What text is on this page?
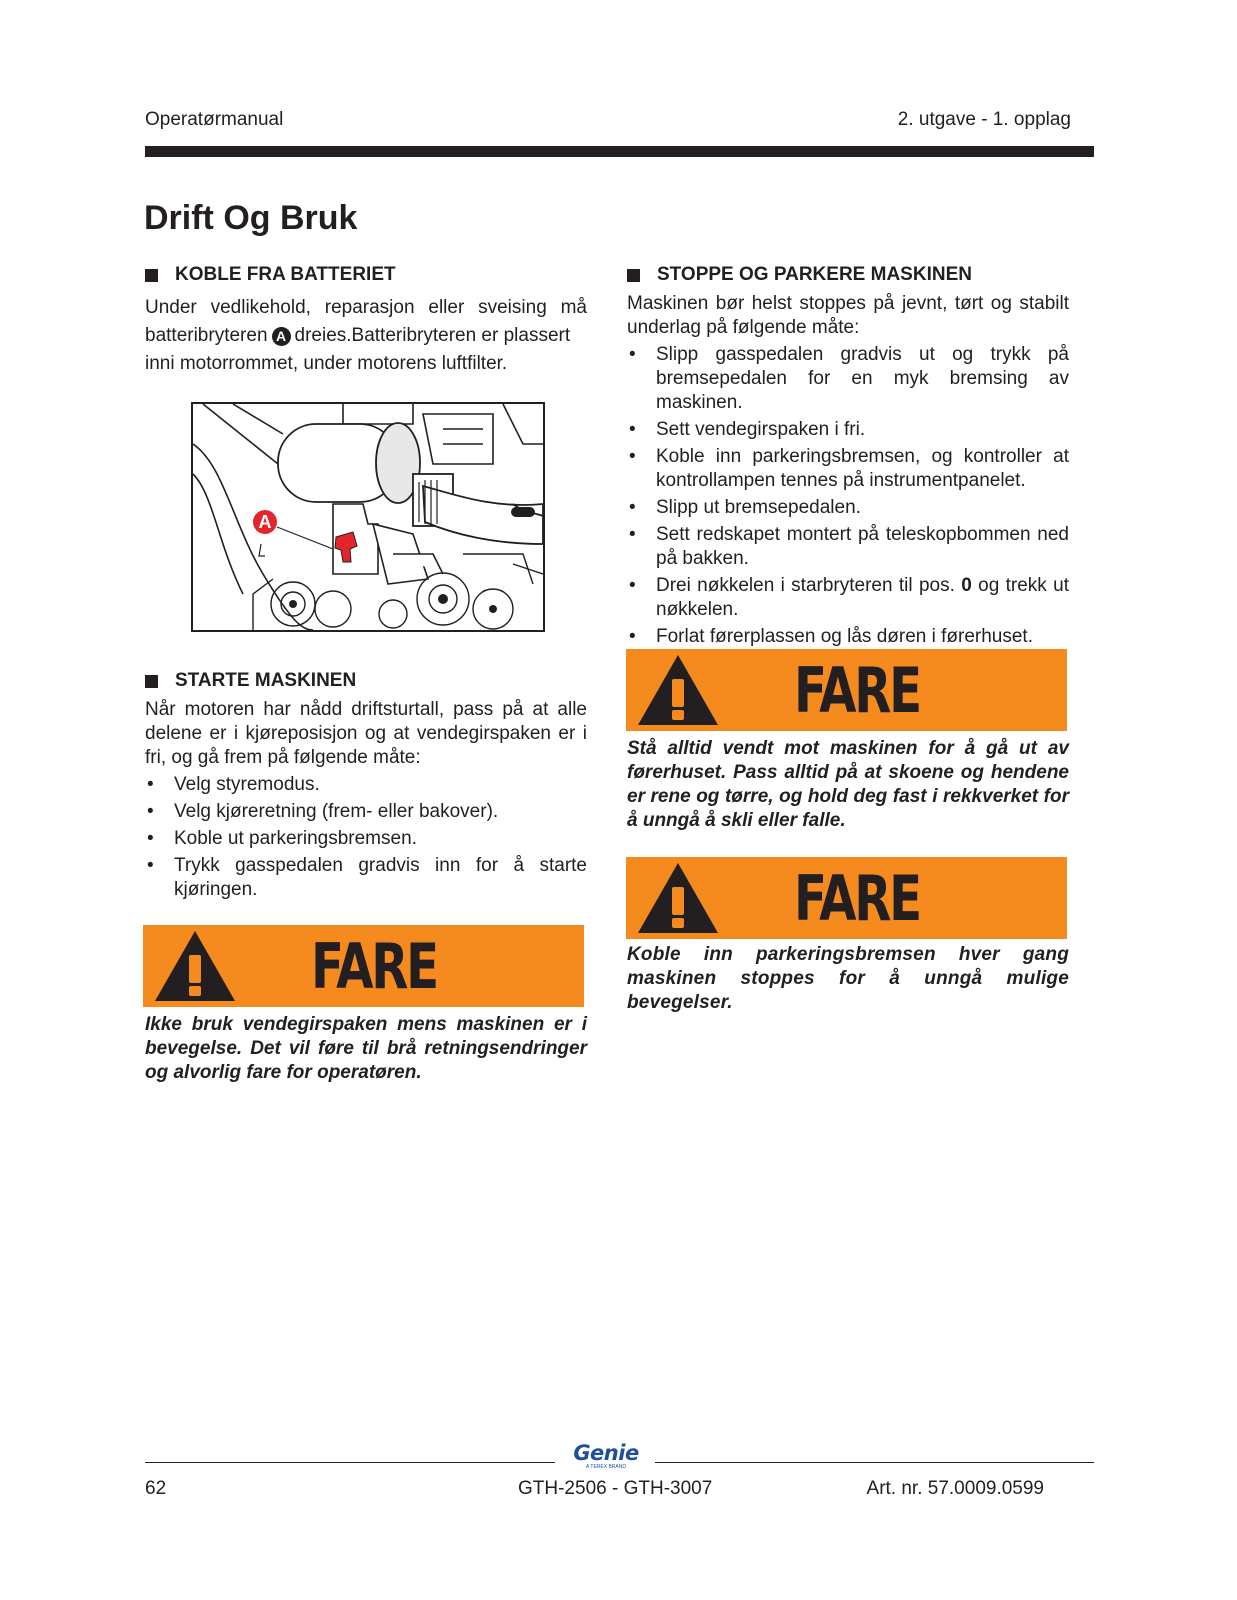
Operatørmanual	2. utgave - 1. opplag
Drift Og Bruk
KOBLE FRA BATTERIET
Under vedlikehold, reparasjon eller sveising må
batteribryteren A dreies.Batteribryteren er plassert
inni motorrommet, under motorens luftfilter.
A
STARTE MASKINEN

Når motoren har nådd driftsturtall, pass på at alle delene er i kjøreposisjon og at vendegirspaken er i fri, og gå frem på følgende måte:

• Velg styremodus.
• Velg kjøreretning (frem- eller bakover).
• Koble ut parkeringsbremsen.
• Trykk gasspedalen gradvis inn for å starte kjøringen.
FARE

Ikke bruk vendegirspaken mens maskinen er i bevegelse. Det vil føre til brå retningsendringer og alvorlig fare for operatøren.

STOPPE OG PARKERE MASKINEN

Maskinen bør helst stoppes på jevnt, tørt og stabilt underlag på følgende måte:

• Slipp gasspedalen gradvis ut og trykk på bremsepedalen for en myk bremsing av maskinen.
• Sett vendegirspaken i fri.
• Koble inn parkeringsbremsen, og kontroller at kontrollampen tennes på instrumentpanelet.
• Slipp ut bremsepedalen.
• Sett redskapet montert på teleskopbommen ned på bakken.
• Drei nøkkelen i starbryteren til pos. 0 og trekk ut nøkkelen.
• Forlat førerplassen og lås døren i førerhuset.
FARE

Stå alltid vendt mot maskinen for å gå ut av førerhuset. Pass alltid på at skoene og hendene er rene og tørre, og hold deg fast i rekkverket for å unngå å skli eller falle.

FARE

Koble inn parkeringsbremsen hver gang maskinen stoppes for å unngå mulige bevegelser.

Genie
A TEREX BRAND
62	GTH-2506 - GTH-3007	Art. nr. 57.0009.0599
